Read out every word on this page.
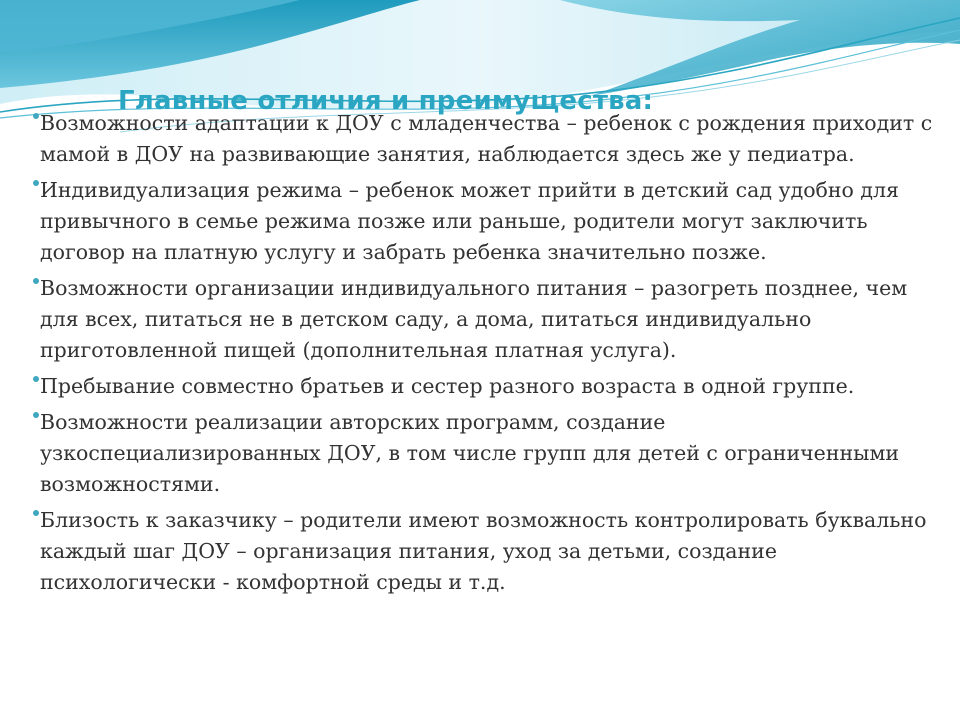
Главные отличия и преимущества:
Возможности адаптации к ДОУ с младенчества – ребенок с рождения приходит с мамой в ДОУ на развивающие занятия, наблюдается здесь же у педиатра.
Индивидуализация режима – ребенок может прийти в детский сад удобно для привычного в семье режима позже или раньше, родители могут заключить договор на платную услугу и забрать ребенка значительно позже.
Возможности организации индивидуального питания – разогреть позднее, чем для всех, питаться не в детском саду, а дома, питаться индивидуально приготовленной пищей (дополнительная платная услуга).
Пребывание совместно братьев и сестер разного возраста в одной группе.
Возможности реализации авторских программ, создание узкоспециализированных ДОУ, в том числе групп для детей с ограниченными возможностями.
Близость к заказчику – родители имеют возможность контролировать буквально каждый шаг ДОУ – организация питания, уход за детьми, создание психологически - комфортной среды и т.д.
